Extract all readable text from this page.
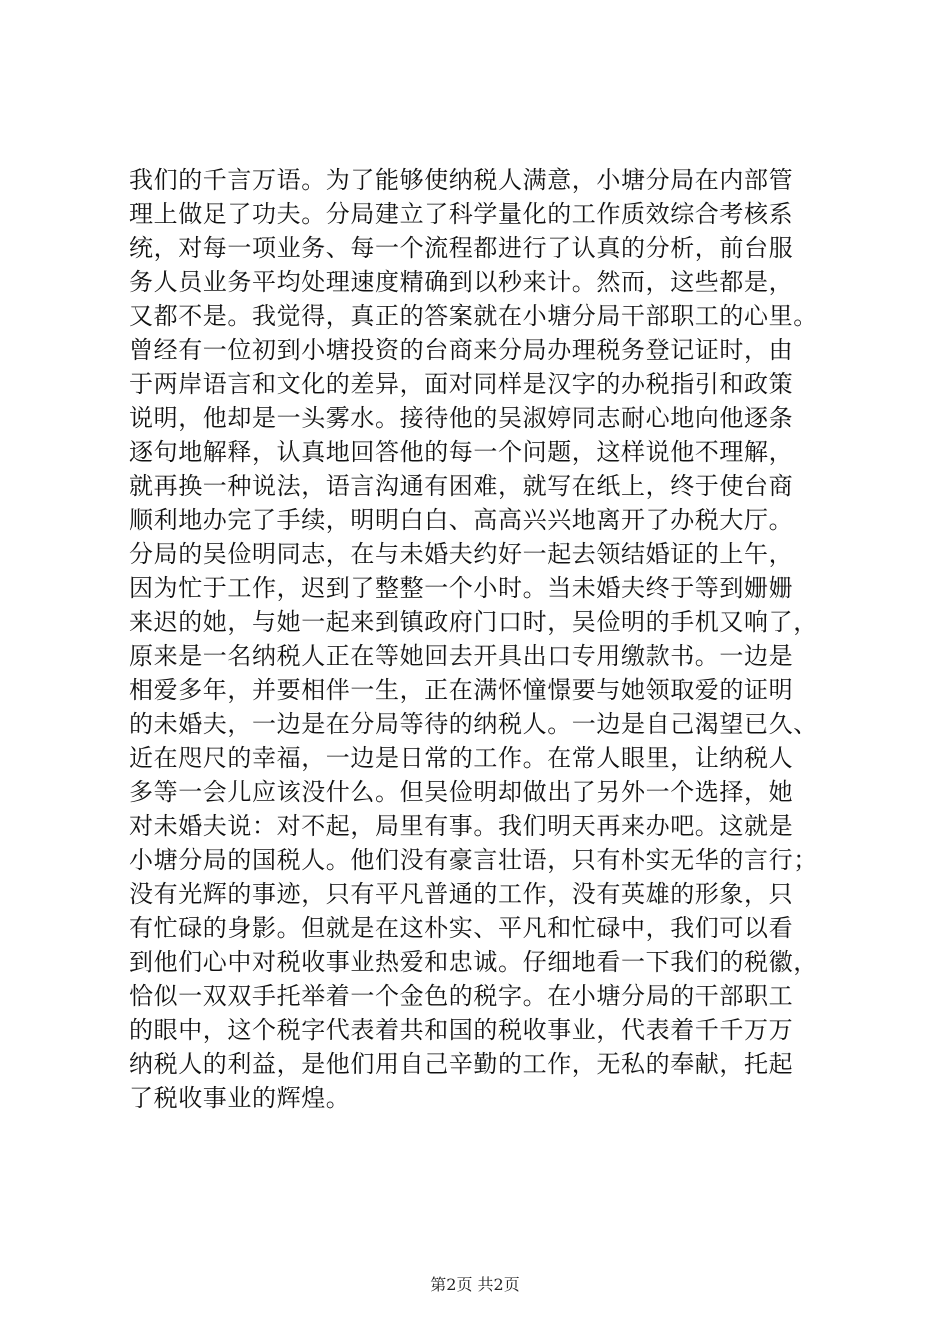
我们的千言万语。为了能够使纳税人满意，小塘分局在内部管
理上做足了功夫。分局建立了科学量化的工作质效综合考核系
统，对每一项业务、每一个流程都进行了认真的分析，前台服
务人员业务平均处理速度精确到以秒来计。然而，这些都是，
又都不是。我觉得，真正的答案就在小塘分局干部职工的心里。
曾经有一位初到小塘投资的台商来分局办理税务登记证时，由
于两岸语言和文化的差异，面对同样是汉字的办税指引和政策
说明，他却是一头雾水。接待他的吴淑婷同志耐心地向他逐条
逐句地解释，认真地回答他的每一个问题，这样说他不理解，
就再换一种说法，语言沟通有困难，就写在纸上，终于使台商
顺利地办完了手续，明明白白、高高兴兴地离开了办税大厅。
分局的吴俭明同志，在与未婚夫约好一起去领结婚证的上午，
因为忙于工作，迟到了整整一个小时。当未婚夫终于等到姗姗
来迟的她，与她一起来到镇政府门口时，吴俭明的手机又响了，
原来是一名纳税人正在等她回去开具出口专用缴款书。一边是
相爱多年，并要相伴一生，正在满怀憧憬要与她领取爱的证明
的未婚夫，一边是在分局等待的纳税人。一边是自己渴望已久、
近在咫尺的幸福，一边是日常的工作。在常人眼里，让纳税人
多等一会儿应该没什么。但吴俭明却做出了另外一个选择，她
对未婚夫说：对不起，局里有事。我们明天再来办吧。这就是
小塘分局的国税人。他们没有豪言壮语，只有朴实无华的言行；
没有光辉的事迹，只有平凡普通的工作，没有英雄的形象，只
有忙碌的身影。但就是在这朴实、平凡和忙碌中，我们可以看
到他们心中对税收事业热爱和忠诚。仔细地看一下我们的税徽，
恰似一双双手托举着一个金色的税字。在小塘分局的干部职工
的眼中，这个税字代表着共和国的税收事业，代表着千千万万
纳税人的利益，是他们用自己辛勤的工作，无私的奉献，托起
了税收事业的辉煌。
第2页 共2页
